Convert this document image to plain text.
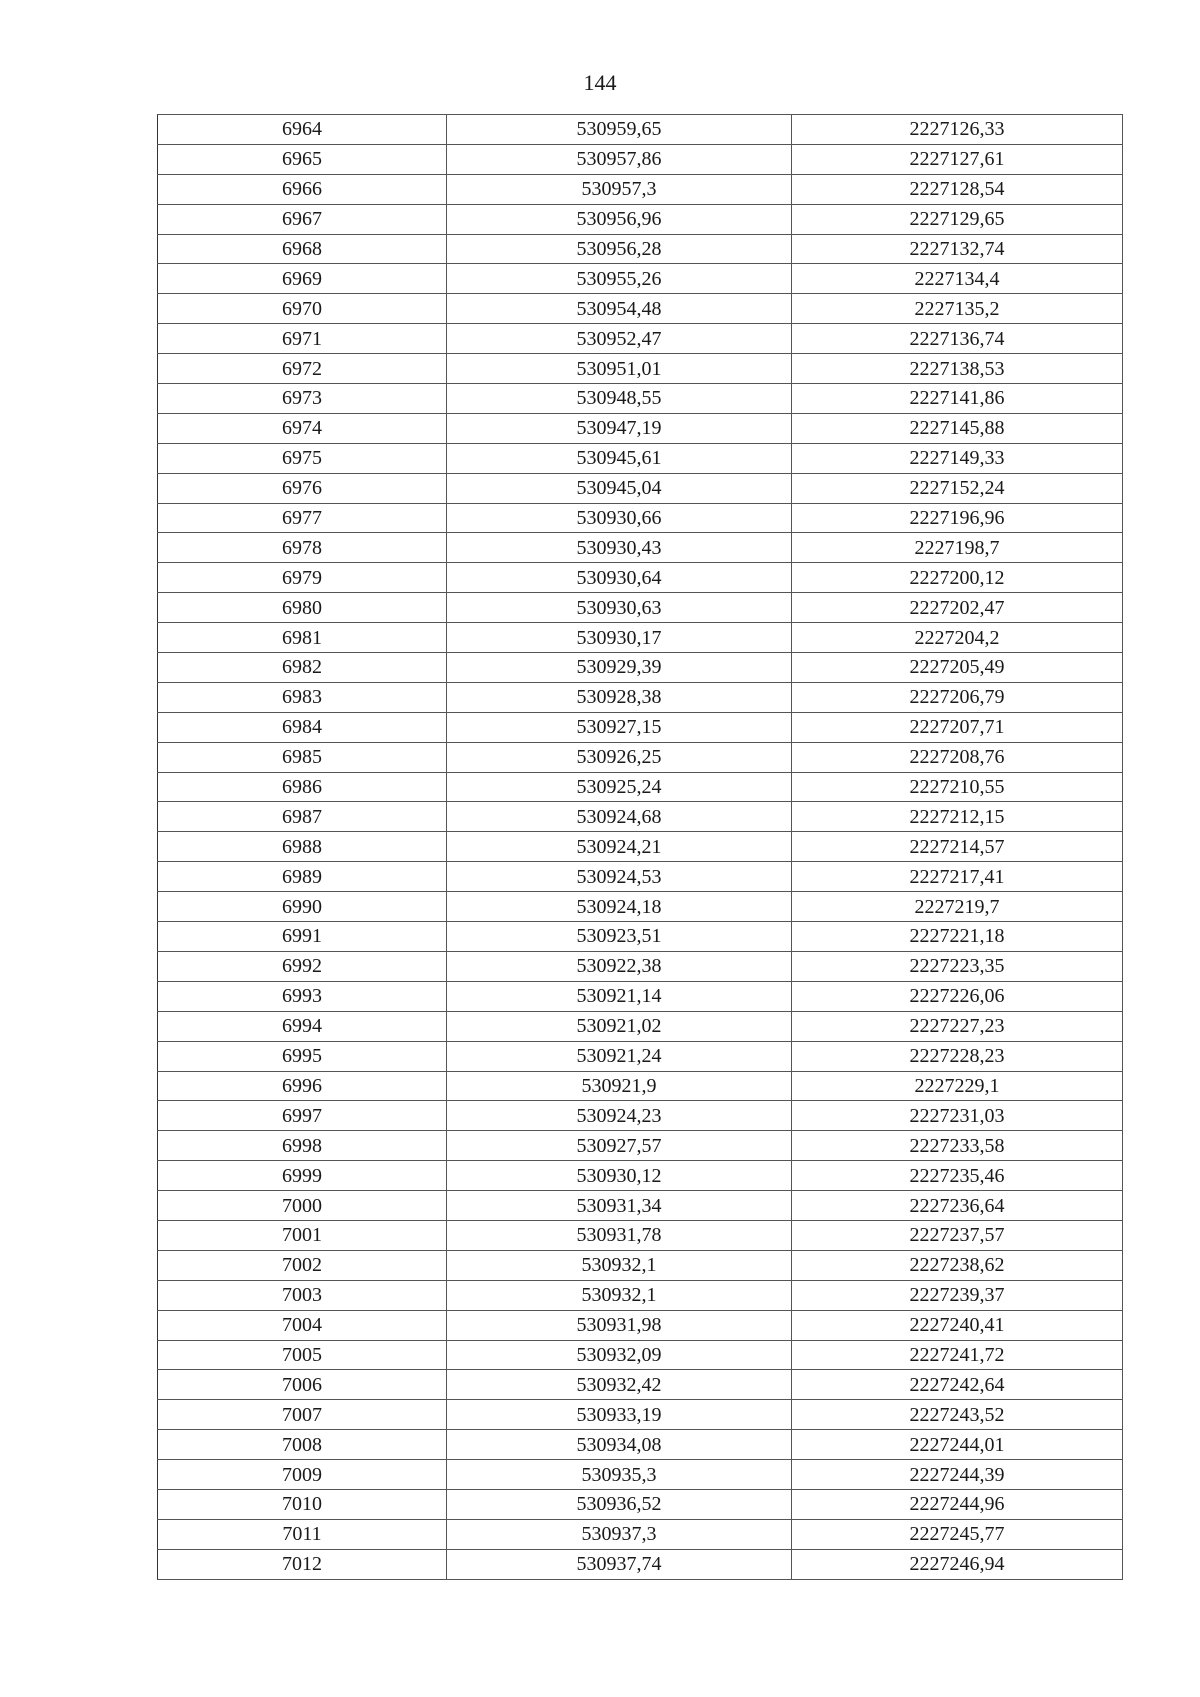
144
6964	530959,65	2227126,33
6965	530957,86	2227127,61
6966	530957,3	2227128,54
6967	530956,96	2227129,65
6968	530956,28	2227132,74
6969	530955,26	2227134,4
6970	530954,48	2227135,2
6971	530952,47	2227136,74
6972	530951,01	2227138,53
6973	530948,55	2227141,86
6974	530947,19	2227145,88
6975	530945,61	2227149,33
6976	530945,04	2227152,24
6977	530930,66	2227196,96
6978	530930,43	2227198,7
6979	530930,64	2227200,12
6980	530930,63	2227202,47
6981	530930,17	2227204,2
6982	530929,39	2227205,49
6983	530928,38	2227206,79
6984	530927,15	2227207,71
6985	530926,25	2227208,76
6986	530925,24	2227210,55
6987	530924,68	2227212,15
6988	530924,21	2227214,57
6989	530924,53	2227217,41
6990	530924,18	2227219,7
6991	530923,51	2227221,18
6992	530922,38	2227223,35
6993	530921,14	2227226,06
6994	530921,02	2227227,23
6995	530921,24	2227228,23
6996	530921,9	2227229,1
6997	530924,23	2227231,03
6998	530927,57	2227233,58
6999	530930,12	2227235,46
7000	530931,34	2227236,64
7001	530931,78	2227237,57
7002	530932,1	2227238,62
7003	530932,1	2227239,37
7004	530931,98	2227240,41
7005	530932,09	2227241,72
7006	530932,42	2227242,64
7007	530933,19	2227243,52
7008	530934,08	2227244,01
7009	530935,3	2227244,39
7010	530936,52	2227244,96
7011	530937,3	2227245,77
7012	530937,74	2227246,94
